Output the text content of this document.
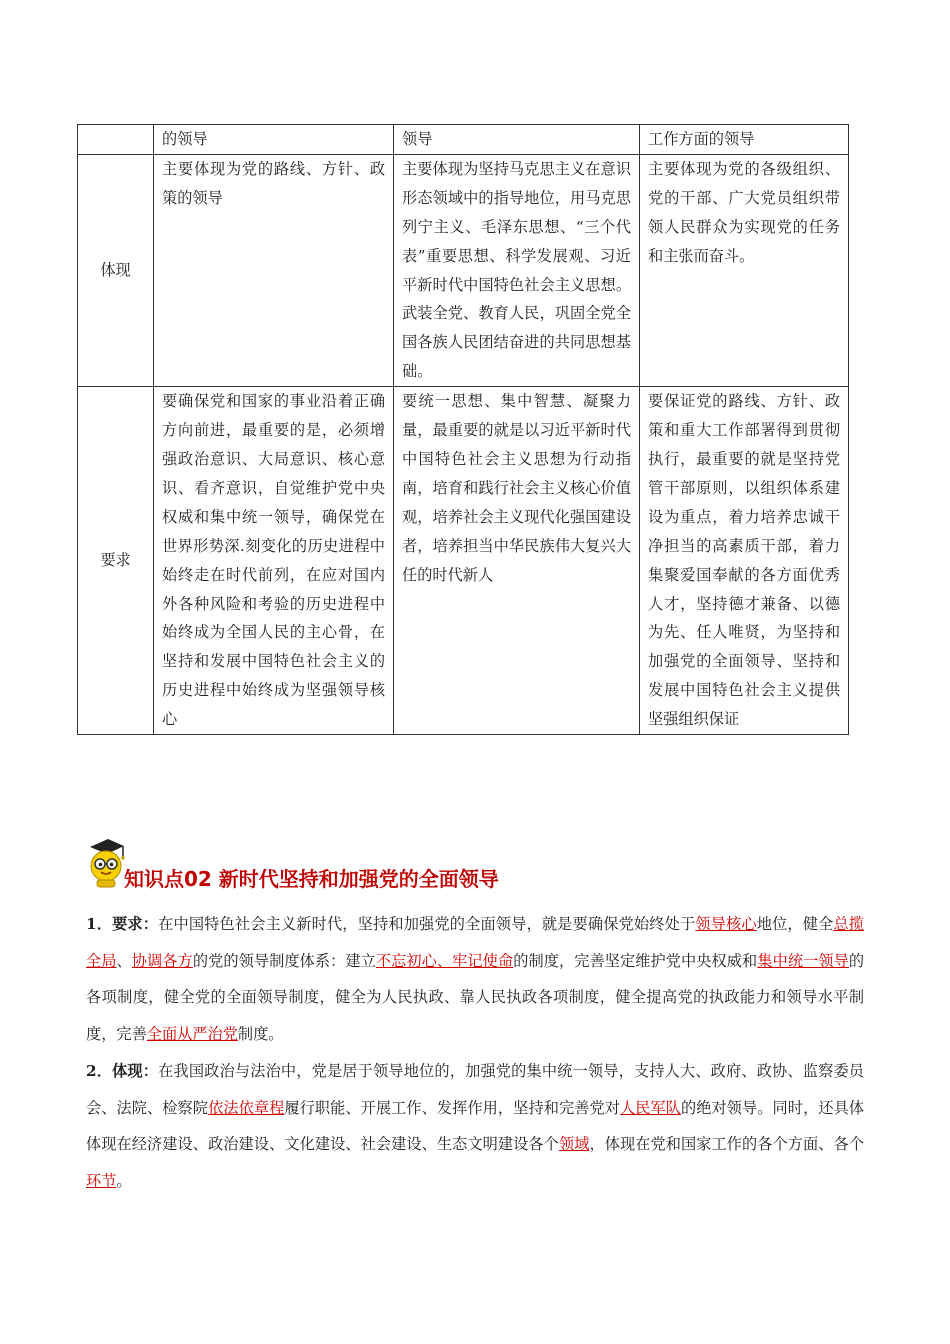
	的领导	领导	工作方面的领导
体现	主要体现为党的路线、方针、政策的领导	主要体现为坚持马克思主义在意识形态领域中的指导地位，用马克思列宁主义、毛泽东思想、“三个代表”重要思想、科学发展观、习近平新时代中国特色社会主义思想。武装全党、教育人民，巩固全党全国各族人民团结奋进的共同思想基础。	主要体现为党的各级组织、党的干部、广大党员组织带领人民群众为实现党的任务和主张而奋斗。
要求	要确保党和国家的事业沿着正确方向前进，最重要的是，必须增强政治意识、大局意识、核心意识、看齐意识，自觉维护党中央权威和集中统一领导，确保党在世界形势深.刻变化的历史进程中始终走在时代前列，在应对国内外各种风险和考验的历史进程中始终成为全国人民的主心骨，在坚持和发展中国特色社会主义的历史进程中始终成为坚强领导核心	要统一思想、集中智慧、凝聚力量，最重要的就是以习近平新时代中国特色社会主义思想为行动指南，培育和践行社会主义核心价值观，培养社会主义现代化强国建设者，培养担当中华民族伟大复兴大任的时代新人	要保证党的路线、方针、政策和重大工作部署得到贯彻执行，最重要的就是坚持党管干部原则，以组织体系建设为重点，着力培养忠诚干净担当的高素质干部，着力集聚爱国奉献的各方面优秀人才，坚持德才兼备、以德为先、任人唯贤，为坚持和加强党的全面领导、坚持和发展中国特色社会主义提供坚强组织保证
知识点02 新时代坚持和加强党的全面领导

1．要求：在中国特色社会主义新时代，坚持和加强党的全面领导，就是要确保党始终处于领导核心地位，健全总揽全局、协调各方的党的领导制度体系：建立不忘初心、牢记使命的制度，完善坚定维护党中央权威和集中统一领导的各项制度，健全党的全面领导制度，健全为人民执政、靠人民执政各项制度，健全提高党的执政能力和领导水平制度，完善全面从严治党制度。

2．体现：在我国政治与法治中，党是居于领导地位的，加强党的集中统一领导，支持人大、政府、政协、监察委员会、法院、检察院依法依章程履行职能、开展工作、发挥作用，坚持和完善党对人民军队的绝对领导。同时，还具体体现在经济建设、政治建设、文化建设、社会建设、生态文明建设各个领域，体现在党和国家工作的各个方面、各个环节。
